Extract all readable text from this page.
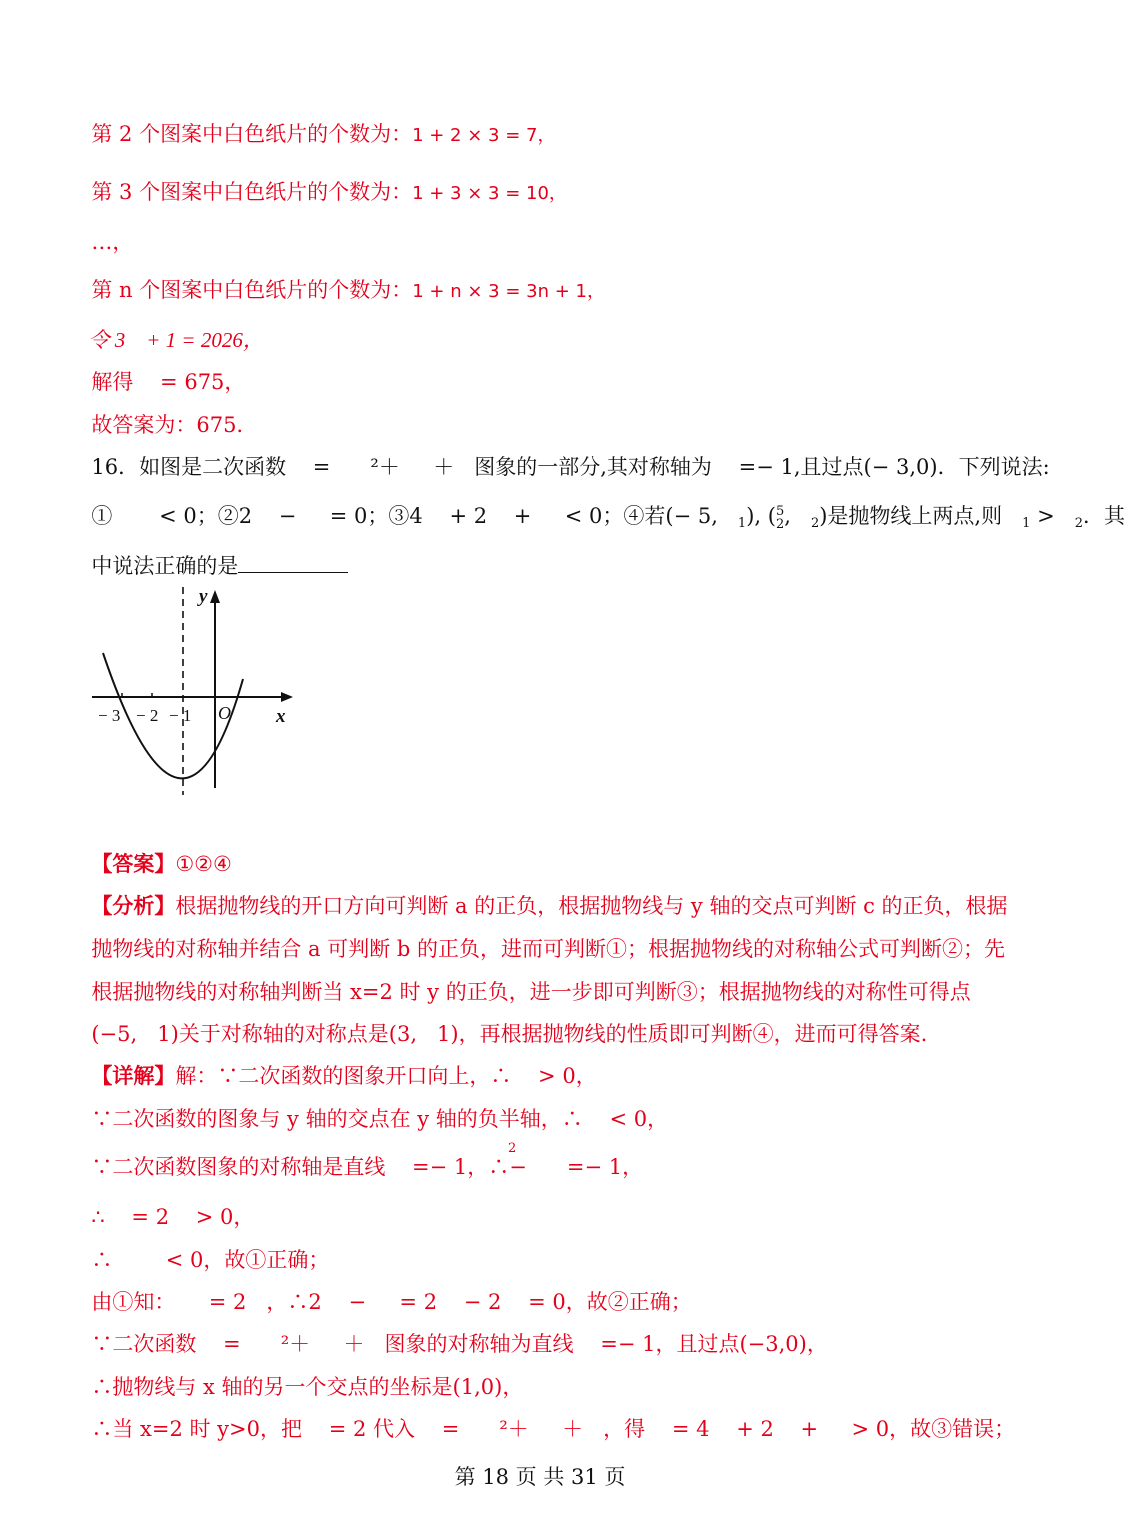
第 2 个图案中白色纸片的个数为：1 + 2 × 3 = 7，

第 3 个图案中白色纸片的个数为：1 + 3 × 3 = 10，

…，

第 n 个图案中白色纸片的个数为：1 + n × 3 = 3n + 1，

令 3    + 1 = 2026，

解得    = 675，

故答案为：675．

16．如图是二次函数    =      ²＋     ＋   图象的一部分,其对称轴为    =− 1,且过点(− 3,0)．下列说法:

①       < 0；②2    −     = 0；③4    + 2    +     < 0；④若(− 5,   $_1$), (5
2,   $_2$)是抛物线上两点,则   $_1$ >   $_2$．其

中说法正确的是

y
x
O
− 3 − 2 − 1

【答案】①②④

【分析】根据抛物线的开口方向可判断 a 的正负，根据抛物线与 y 轴的交点可判断 c 的正负，根据

抛物线的对称轴并结合 a 可判断 b 的正负，进而可判断①；根据抛物线的对称轴公式可判断②；先

根据抛物线的对称轴判断当 x=2 时 y 的正负，进一步即可判断③；根据抛物线的对称性可得点

(−5,   1)关于对称轴的对称点是(3,   1)，再根据抛物线的性质即可判断④，进而可得答案.

【详解】解：∵二次函数的图象开口向上，∴    > 0，

∵二次函数的图象与 y 轴的交点在 y 轴的负半轴，∴    < 0，

∵二次函数图象的对称轴是直线    =− 1，∴−      =− 1，

2

∴    = 2    > 0，

∴        < 0，故①正确；

由①知：     = 2   ，∴2    −     = 2    − 2    = 0，故②正确；

∵二次函数    =      ²＋     ＋   图象的对称轴为直线    =− 1，且过点(−3,0)，

∴抛物线与 x 轴的另一个交点的坐标是(1,0)，

∴当 x=2 时 y>0，把    = 2 代入    =      ²＋     ＋   ，得    = 4    + 2    +     > 0，故③错误；

第 18 页 共 31 页
